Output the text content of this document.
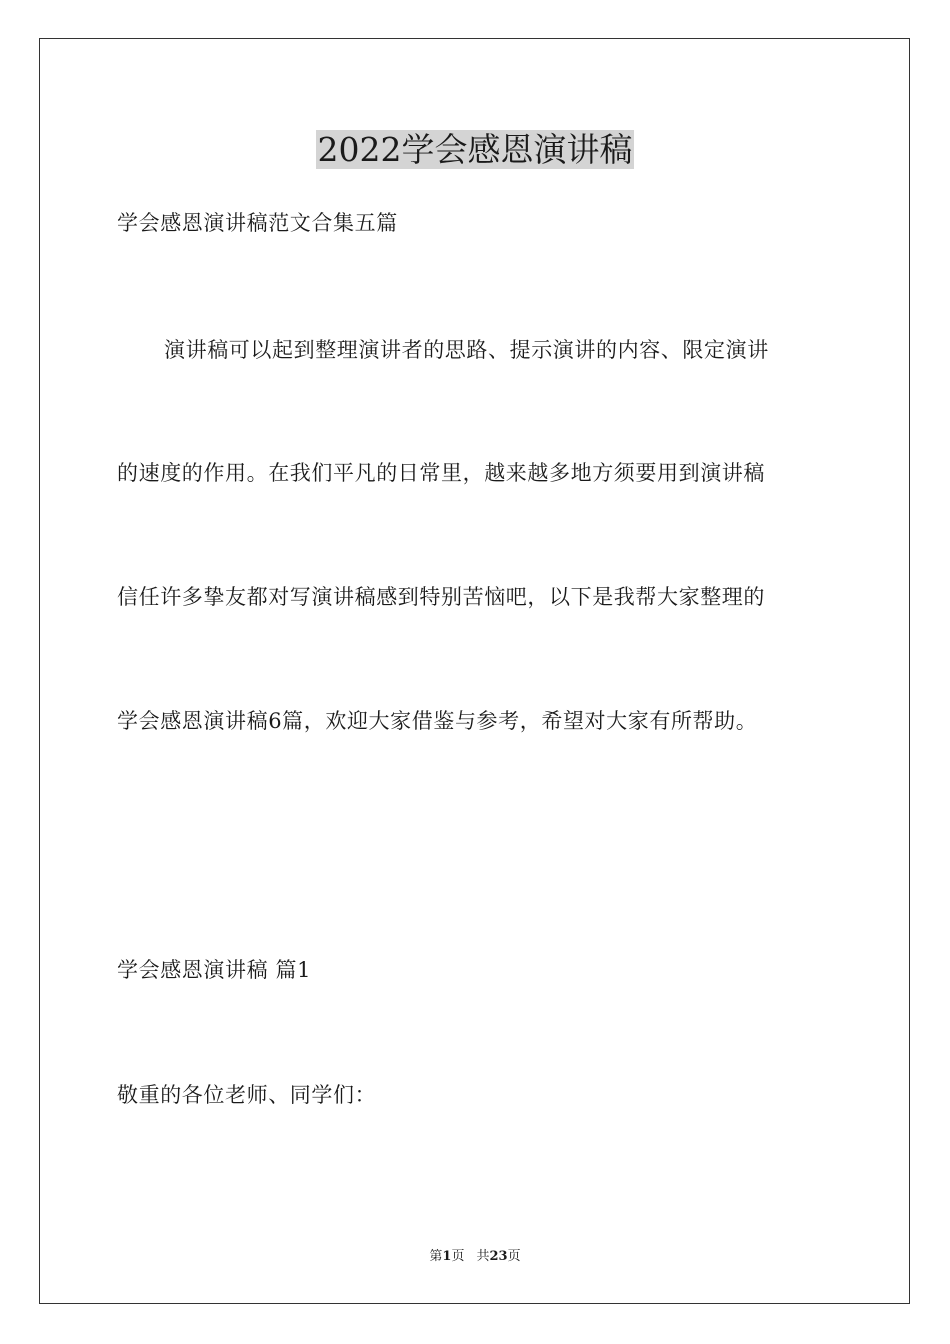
2022学会感恩演讲稿
学会感恩演讲稿范文合集五篇
演讲稿可以起到整理演讲者的思路、提示演讲的内容、限定演讲
的速度的作用。在我们平凡的日常里，越来越多地方须要用到演讲稿
信任许多挚友都对写演讲稿感到特别苦恼吧，以下是我帮大家整理的
学会感恩演讲稿6篇，欢迎大家借鉴与参考，希望对大家有所帮助。
学会感恩演讲稿 篇1
敬重的各位老师、同学们：
第1页 共23页
